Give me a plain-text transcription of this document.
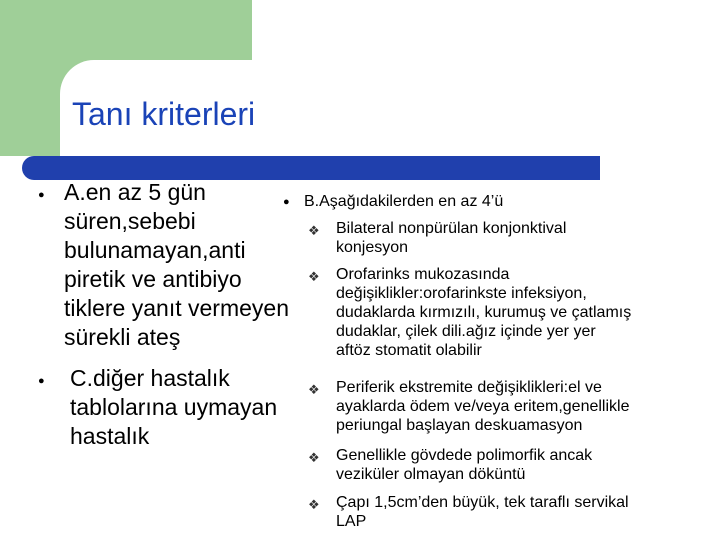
Tanı kriterleri
● A.en az 5 gün
süren,sebebi
bulunamayan,anti
piretik ve antibiyo
tiklere yanıt vermeyen
sürekli ateş
● C.diğer hastalık
tablolarına uymayan
hastalık
● B.Aşağıdakilerden en az 4’ü
❖ Bilateral nonpürülan konjonktival
konjesyon
❖ Orofarinks mukozasında
değişiklikler:orofarinkste infeksiyon,
dudaklarda kırmızılı, kurumuş ve çatlamış
dudaklar, çilek dili.ağız içinde yer yer
aftöz stomatit olabilir
❖ Periferik ekstremite değişiklikleri:el ve
ayaklarda ödem ve/veya eritem,genellikle
periungal başlayan deskuamasyon
❖ Genellikle gövdede polimorfik ancak
veziküler olmayan döküntü
❖ Çapı 1,5cm’den büyük, tek taraflı servikal
LAP
